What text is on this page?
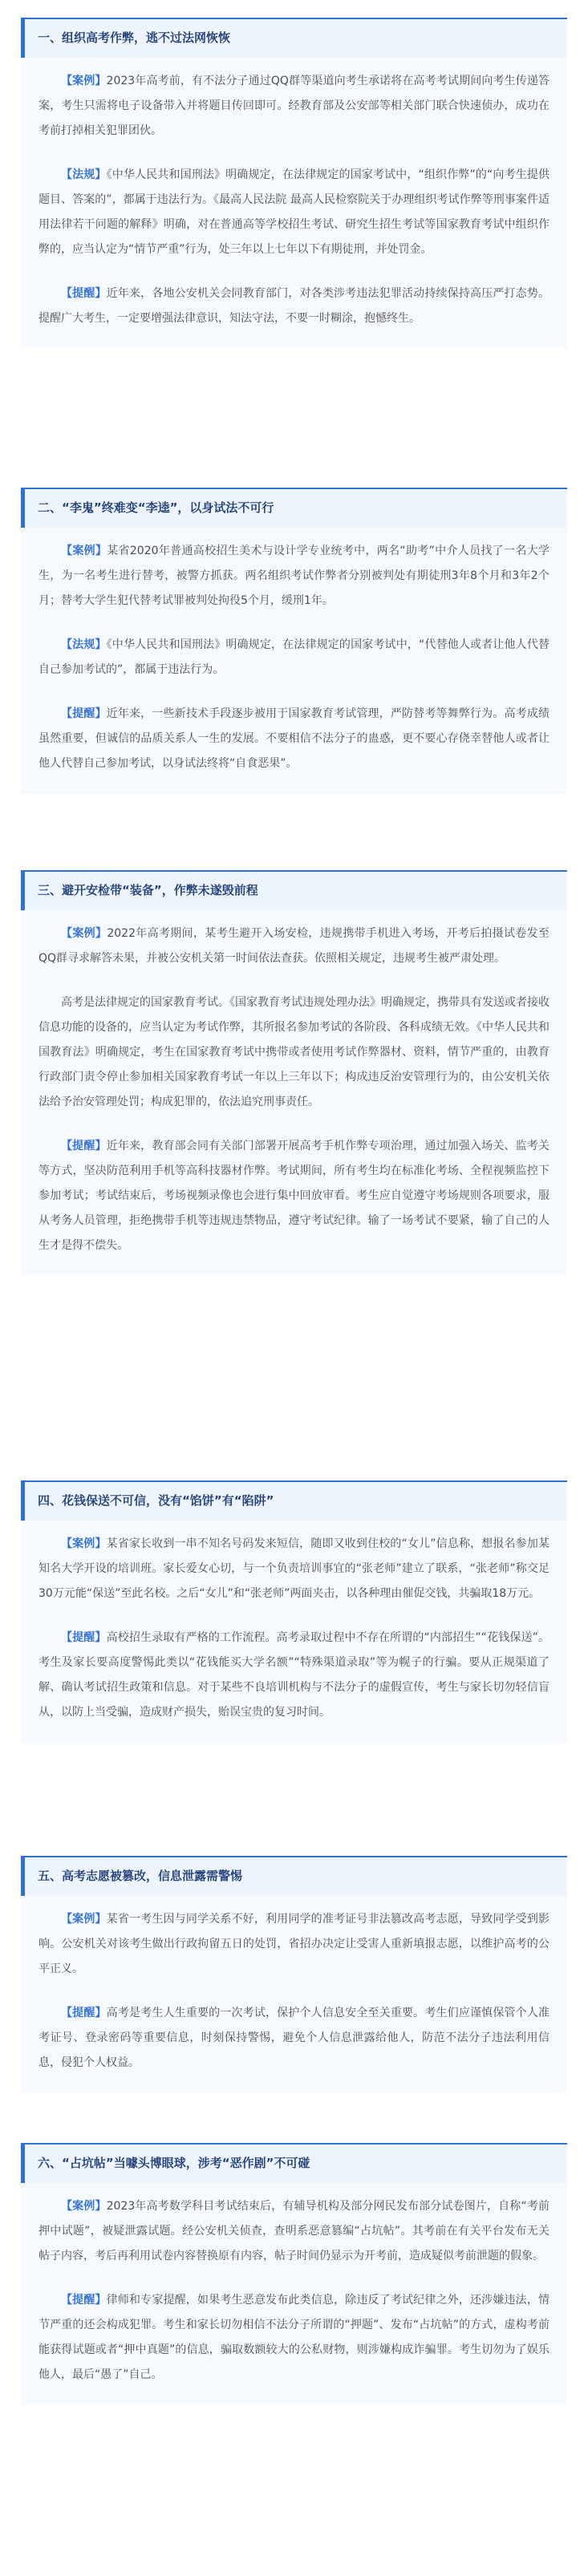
一、组织高考作弊，逃不过法网恢恢

【案例】2023年高考前，有不法分子通过QQ群等渠道向考生承诺将在高考考试期间向考生传递答案，考生只需将电子设备带入并将题目传回即可。经教育部及公安部等相关部门联合快速侦办，成功在考前打掉相关犯罪团伙。

【法规】《中华人民共和国刑法》明确规定，在法律规定的国家考试中，“组织作弊”的“向考生提供题目、答案的”，都属于违法行为。《最高人民法院 最高人民检察院关于办理组织考试作弊等刑事案件适用法律若干问题的解释》明确，对在普通高等学校招生考试、研究生招生考试等国家教育考试中组织作弊的，应当认定为“情节严重”行为，处三年以上七年以下有期徒刑，并处罚金。

【提醒】近年来，各地公安机关会同教育部门，对各类涉考违法犯罪活动持续保持高压严打态势。提醒广大考生，一定要增强法律意识，知法守法，不要一时糊涂，抱憾终生。

二、“李鬼”终难变“李逵”，以身试法不可行

【案例】某省2020年普通高校招生美术与设计学专业统考中，两名“助考”中介人员找了一名大学生，为一名考生进行替考，被警方抓获。两名组织考试作弊者分别被判处有期徒刑3年8个月和3年2个月；替考大学生犯代替考试罪被判处拘役5个月，缓刑1年。

【法规】《中华人民共和国刑法》明确规定，在法律规定的国家考试中，“代替他人或者让他人代替自己参加考试的”，都属于违法行为。

【提醒】近年来，一些新技术手段逐步被用于国家教育考试管理，严防替考等舞弊行为。高考成绩虽然重要，但诚信的品质关系人一生的发展。不要相信不法分子的蛊惑，更不要心存侥幸替他人或者让他人代替自己参加考试，以身试法终将“自食恶果”。

三、避开安检带“装备”，作弊未遂毁前程

【案例】2022年高考期间，某考生避开入场安检，违规携带手机进入考场，开考后拍摄试卷发至QQ群寻求解答未果，并被公安机关第一时间依法查获。依照相关规定，违规考生被严肃处理。

高考是法律规定的国家教育考试。《国家教育考试违规处理办法》明确规定，携带具有发送或者接收信息功能的设备的，应当认定为考试作弊，其所报名参加考试的各阶段、各科成绩无效。《中华人民共和国教育法》明确规定，考生在国家教育考试中携带或者使用考试作弊器材、资料，情节严重的，由教育行政部门责令停止参加相关国家教育考试一年以上三年以下；构成违反治安管理行为的，由公安机关依法给予治安管理处罚；构成犯罪的，依法追究刑事责任。

【提醒】近年来，教育部会同有关部门部署开展高考手机作弊专项治理，通过加强入场关、监考关等方式，坚决防范利用手机等高科技器材作弊。考试期间，所有考生均在标准化考场、全程视频监控下参加考试；考试结束后，考场视频录像也会进行集中回放审看。考生应自觉遵守考场规则各项要求，服从考务人员管理，拒绝携带手机等违规违禁物品，遵守考试纪律。输了一场考试不要紧，输了自己的人生才是得不偿失。

四、花钱保送不可信，没有“馅饼”有“陷阱”

【案例】某省家长收到一串不知名号码发来短信，随即又收到住校的“女儿”信息称，想报名参加某知名大学开设的培训班。家长爱女心切，与一个负责培训事宜的“张老师”建立了联系，“张老师”称交足30万元能“保送”至此名校。之后“女儿”和“张老师”两面夹击，以各种理由催促交钱，共骗取18万元。

【提醒】高校招生录取有严格的工作流程。高考录取过程中不存在所谓的“内部招生”“花钱保送”。考生及家长要高度警惕此类以“花钱能买大学名额”“特殊渠道录取”等为幌子的行骗。要从正规渠道了解、确认考试招生政策和信息。对于某些不良培训机构与不法分子的虚假宣传，考生与家长切勿轻信盲从，以防上当受骗，造成财产损失，贻误宝贵的复习时间。

五、高考志愿被篡改，信息泄露需警惕

【案例】某省一考生因与同学关系不好，利用同学的准考证号非法篡改高考志愿，导致同学受到影响。公安机关对该考生做出行政拘留五日的处罚，省招办决定让受害人重新填报志愿，以维护高考的公平正义。

【提醒】高考是考生人生重要的一次考试，保护个人信息安全至关重要。考生们应谨慎保管个人准考证号、登录密码等重要信息，时刻保持警惕，避免个人信息泄露给他人，防范不法分子违法利用信息，侵犯个人权益。

六、“占坑帖”当噱头博眼球，涉考“恶作剧”不可碰

【案例】2023年高考数学科目考试结束后，有辅导机构及部分网民发布部分试卷图片，自称“考前押中试题”，被疑泄露试题。经公安机关侦查，查明系恶意篡编“占坑帖”。其考前在有关平台发布无关帖子内容，考后再利用试卷内容替换原有内容，帖子时间仍显示为开考前，造成疑似考前泄题的假象。

【提醒】律师和专家提醒，如果考生恶意发布此类信息，除违反了考试纪律之外，还涉嫌违法，情节严重的还会构成犯罪。考生和家长切勿相信不法分子所谓的“押题”、发布“占坑帖”的方式，虚构考前能获得试题或者“押中真题”的信息，骗取数额较大的公私财物，则涉嫌构成诈骗罪。考生切勿为了娱乐他人，最后“愚了”自己。
